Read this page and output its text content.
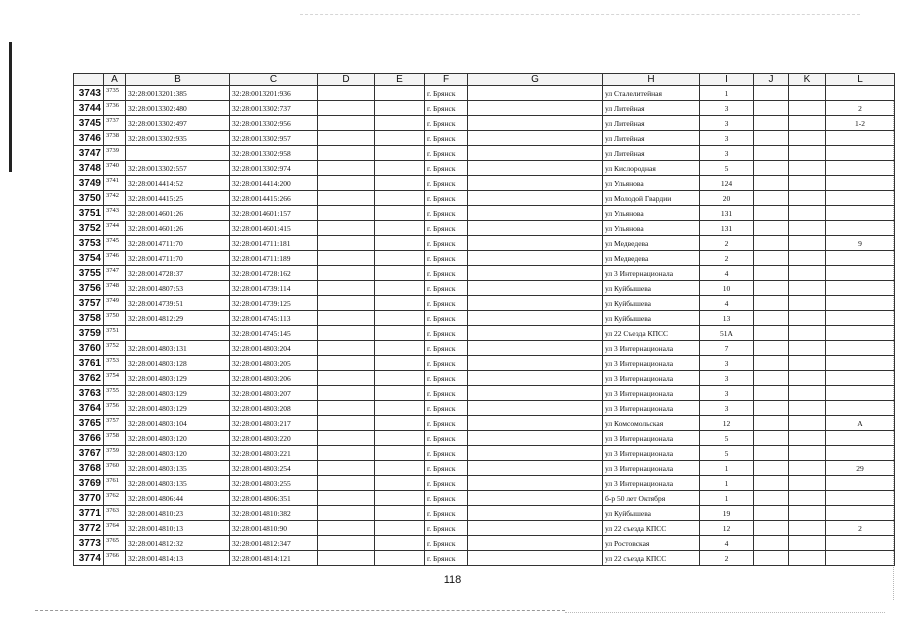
	A	B	C	D	E	F	G	H	I	J	K	L
3743	3735	32:28:0013201:385	32:28:0013201:936			г. Брянск		ул Сталелитейная	1			
3744	3736	32:28:0013302:480	32:28:0013302:737			г. Брянск		ул Литейная	3			2
3745	3737	32:28:0013302:497	32:28:0013302:956			г. Брянск		ул Литейная	3			1-2
3746	3738	32:28:0013302:935	32:28:0013302:957			г. Брянск		ул Литейная	3			
3747	3739		32:28:0013302:958			г. Брянск		ул Литейная	3			
3748	3740	32:28:0013302:557	32:28:0013302:974			г. Брянск		ул Кислородная	5			
3749	3741	32:28:0014414:52	32:28:0014414:200			г. Брянск		ул Ульянова	124			
3750	3742	32:28:0014415:25	32:28:0014415:266			г. Брянск		ул Молодой Гвардии	20			
3751	3743	32:28:0014601:26	32:28:0014601:157			г. Брянск		ул Ульянова	131			
3752	3744	32:28:0014601:26	32:28:0014601:415			г. Брянск		ул Ульянова	131			
3753	3745	32:28:0014711:70	32:28:0014711:181			г. Брянск		ул Медведева	2			9
3754	3746	32:28:0014711:70	32:28:0014711:189			г. Брянск		ул Медведева	2			
3755	3747	32:28:0014728:37	32:28:0014728:162			г. Брянск		ул 3 Интернационала	4			
3756	3748	32:28:0014807:53	32:28:0014739:114			г. Брянск		ул Куйбышева	10			
3757	3749	32:28:0014739:51	32:28:0014739:125			г. Брянск		ул Куйбышева	4			
3758	3750	32:28:0014812:29	32:28:0014745:113			г. Брянск		ул Куйбышева	13			
3759	3751		32:28:0014745:145			г. Брянск		ул 22 Съезда КПСС	51А			
3760	3752	32:28:0014803:131	32:28:0014803:204			г. Брянск		ул 3 Интернационала	7			
3761	3753	32:28:0014803:128	32:28:0014803:205			г. Брянск		ул 3 Интернационала	3			
3762	3754	32:28:0014803:129	32:28:0014803:206			г. Брянск		ул 3 Интернационала	3			
3763	3755	32:28:0014803:129	32:28:0014803:207			г. Брянск		ул 3 Интернационала	3			
3764	3756	32:28:0014803:129	32:28:0014803:208			г. Брянск		ул 3 Интернационала	3			
3765	3757	32:28:0014803:104	32:28:0014803:217			г. Брянск		ул Комсомольская	12			А
3766	3758	32:28:0014803:120	32:28:0014803:220			г. Брянск		ул 3 Интернационала	5			
3767	3759	32:28:0014803:120	32:28:0014803:221			г. Брянск		ул 3 Интернационала	5			
3768	3760	32:28:0014803:135	32:28:0014803:254			г. Брянск		ул 3 Интернационала	1			29
3769	3761	32:28:0014803:135	32:28:0014803:255			г. Брянск		ул 3 Интернационала	1			
3770	3762	32:28:0014806:44	32:28:0014806:351			г. Брянск		б-р 50 лет Октября	1			
3771	3763	32:28:0014810:23	32:28:0014810:382			г. Брянск		ул Куйбышева	19			
3772	3764	32:28:0014810:13	32:28:0014810:90			г. Брянск		ул 22 съезда КПСС	12			2
3773	3765	32:28:0014812:32	32:28:0014812:347			г. Брянск		ул Ростовская	4			
3774	3766	32:28:0014814:13	32:28:0014814:121			г. Брянск		ул 22 съезда КПСС	2			
118
